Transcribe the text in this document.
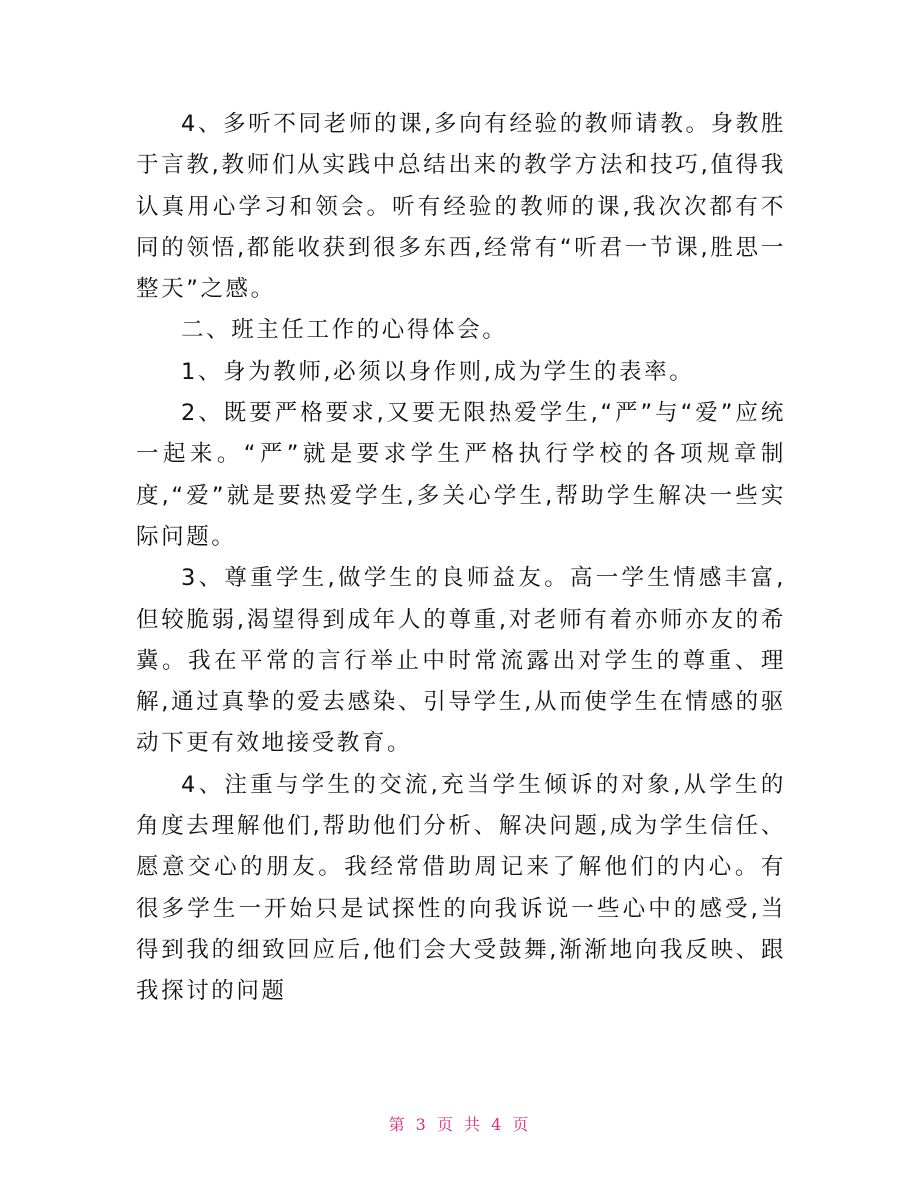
4、多听不同老师的课,多向有经验的教师请教。身教胜于言教,教师们从实践中总结出来的教学方法和技巧,值得我认真用心学习和领会。听有经验的教师的课,我次次都有不同的领悟,都能收获到很多东西,经常有“听君一节课,胜思一整天”之感。

二、班主任工作的心得体会。

1、身为教师,必须以身作则,成为学生的表率。

2、既要严格要求,又要无限热爱学生,“严”与“爱”应统一起来。“严”就是要求学生严格执行学校的各项规章制度,“爱”就是要热爱学生,多关心学生,帮助学生解决一些实际问题。

3、尊重学生,做学生的良师益友。高一学生情感丰富,但较脆弱,渴望得到成年人的尊重,对老师有着亦师亦友的希冀。我在平常的言行举止中时常流露出对学生的尊重、理解,通过真挚的爱去感染、引导学生,从而使学生在情感的驱动下更有效地接受教育。

4、注重与学生的交流,充当学生倾诉的对象,从学生的角度去理解他们,帮助他们分析、解决问题,成为学生信任、愿意交心的朋友。我经常借助周记来了解他们的内心。有很多学生一开始只是试探性的向我诉说一些心中的感受,当得到我的细致回应后,他们会大受鼓舞,渐渐地向我反映、跟我探讨的问题

第 3 页 共 4 页
